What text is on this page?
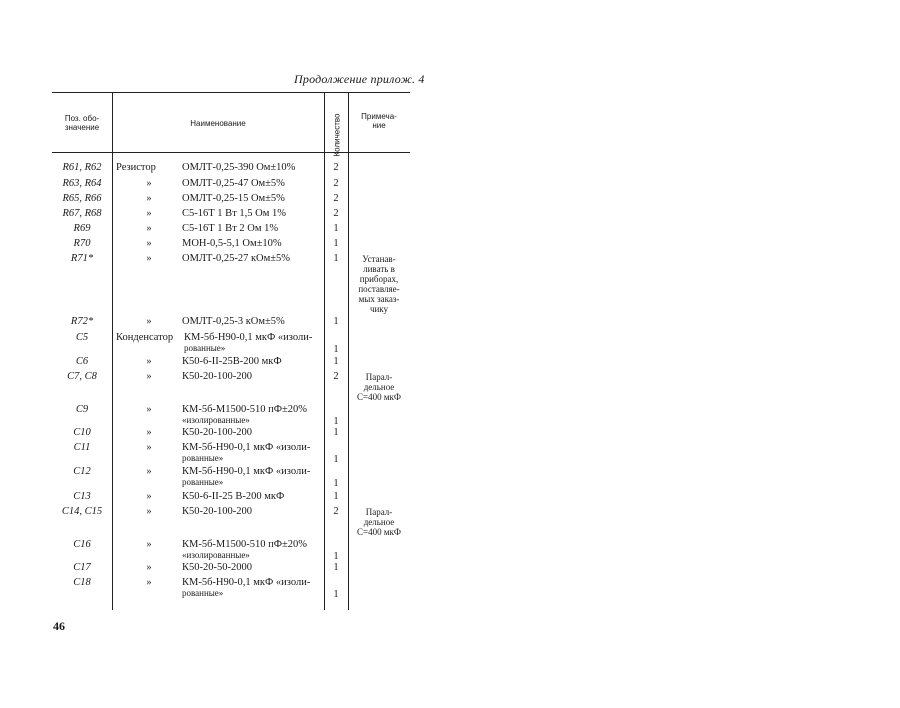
Продолжение прилож. 4
Поз. обо-
значение	Наименование	Количество	Примеча-
ние
R61, R62	Резистор	ОМЛТ-0,25-390 Ом±10%	2
R63, R64	»	ОМЛТ-0,25-47 Ом±5%	2
R65, R66	»	ОМЛТ-0,25-15 Ом±5%	2
R67, R68	»	С5-16Т 1 Вт 1,5 Ом 1%	2
R69	»	С5-16Т 1 Вт 2 Ом 1%	1
R70	»	МОН-0,5-5,1 Ом±10%	1
R71*	»	ОМЛТ-0,25-27 кОм±5%	1	Устанав-
ливать в
приборах,
поставляе-
мых заказ-
чику
R72*	»	ОМЛТ-0,25-3 кОм±5%	1
C5	Конденсатор	КМ-5б-Н90-0,1 мкФ «изоли-
рованные»	1
C6	»	К50-6-II-25В-200 мкФ	1
C7, C8	»	К50-20-100-200	2	Парал-
дельное
С=400 мкФ
C9	»	КМ-5б-М1500-510 пФ±20%
«изолированные»	1
C10	»	К50-20-100-200	1
C11	»	КМ-5б-Н90-0,1 мкФ «изоли-
рованные»	1
C12	»	КМ-5б-Н90-0,1 мкФ «изоли-
рованные»	1
C13	»	К50-6-II-25 В-200 мкФ	1
C14, C15	»	К50-20-100-200	2	Парал-
дельное
С=400 мкФ
C16	»	КМ-5б-М1500-510 пФ±20%
«изолированные»	1
C17	»	К50-20-50-2000	1
C18	»	КМ-5б-Н90-0,1 мкФ «изоли-
рованные»	1
46
